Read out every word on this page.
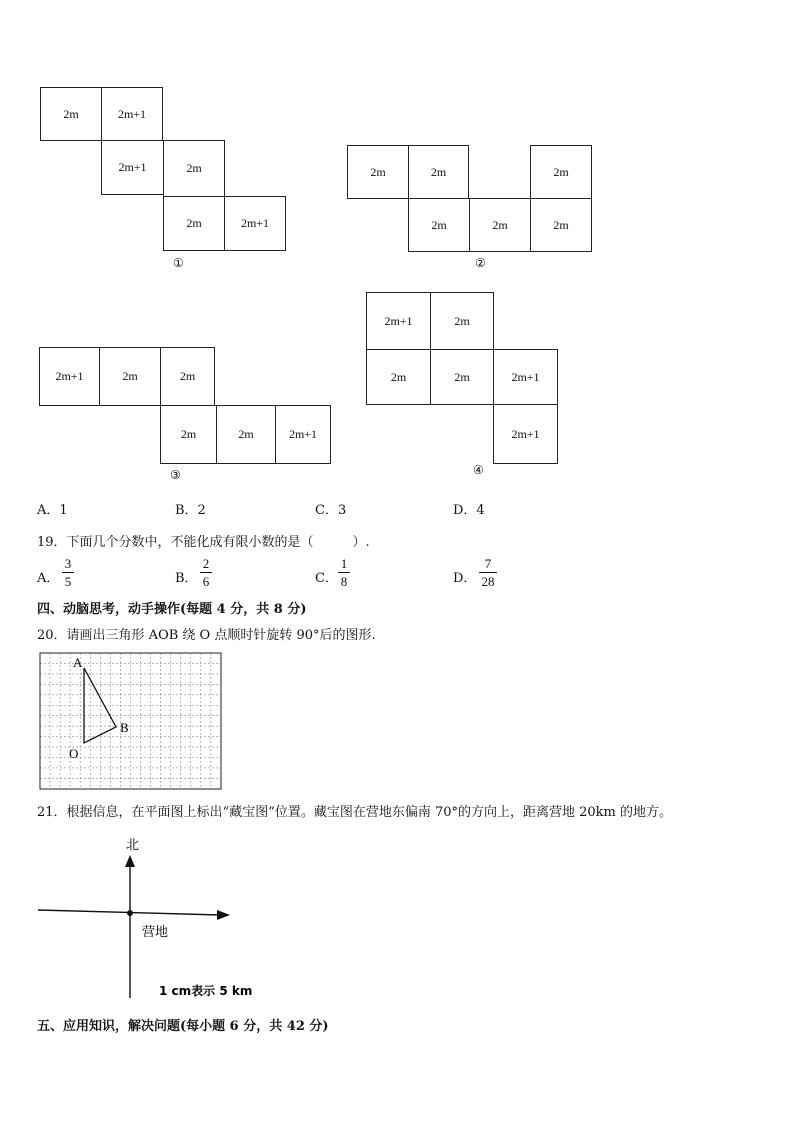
2m	2m+1
2m+1	2m
2m	2m+1
①
2m	2m	2m
2m	2m	2m
②
2m+1	2m	2m
2m	2m	2m+1
③
2m+1	2m
2m	2m	2m+1
2m+1
④
A．1	B．2	C．3	D．4
19．下面几个分数中，不能化成有限小数的是（　　　）.
A．
3
5	B．
2
6	C．
1
8	D．
7
28
四、动脑思考，动手操作(每题 4 分，共 8 分)
20．请画出三角形 AOB 绕 O 点顺时针旋转 90°后的图形.
A
B
O
21．根据信息，在平面图上标出“藏宝图”位置。藏宝图在营地东偏南 70°的方向上，距离营地 20km 的地方。
北
营地
1 cm表示 5 km
五、应用知识，解决问题(每小题 6 分，共 42 分)
